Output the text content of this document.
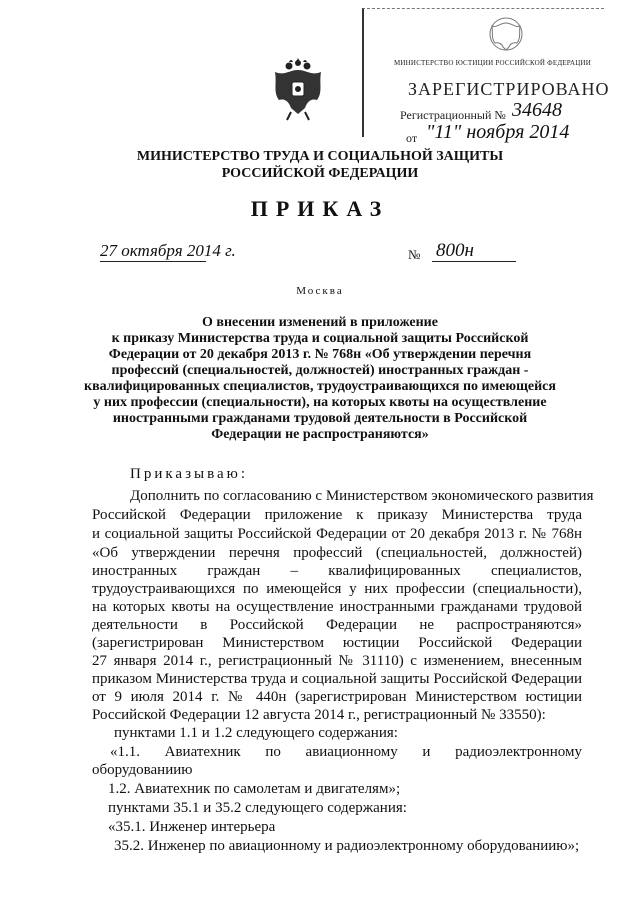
МИНИСТЕРСТВО ЮСТИЦИИ РОССИЙСКОЙ ФЕДЕРАЦИИ
ЗАРЕГИСТРИРОВАНО
Регистрационный № 34648
от "11" ноября 2014
МИНИСТЕРСТВО ТРУДА И СОЦИАЛЬНОЙ ЗАЩИТЫ
РОССИЙСКОЙ ФЕДЕРАЦИИ
ПРИКАЗ
27 октября 2014 г.	№ 800н
Москва
О внесении изменений в приложение
к приказу Министерства труда и социальной защиты Российской
Федерации от 20 декабря 2013 г. № 768н «Об утверждении перечня
профессий (специальностей, должностей) иностранных граждан -
квалифицированных специалистов, трудоустраивающихся по имеющейся
у них профессии (специальности), на которых квоты на осуществление
иностранными гражданами трудовой деятельности в Российской
Федерации не распространяются»
Приказываю:
Дополнить по согласованию с Министерством экономического развития
Российской Федерации приложение к приказу Министерства труда
и социальной защиты Российской Федерации от 20 декабря 2013 г. № 768н
«Об утверждении перечня профессий (специальностей, должностей)
иностранных граждан – квалифицированных специалистов,
трудоустраивающихся по имеющейся у них профессии (специальности),
на которых квоты на осуществление иностранными гражданами трудовой
деятельности в Российской Федерации не распространяются»
(зарегистрирован Министерством юстиции Российской Федерации
27 января 2014 г., регистрационный № 31110) с изменением, внесенным
приказом Министерства труда и социальной защиты Российской Федерации
от 9 июля 2014 г. № 440н (зарегистрирован Министерством юстиции
Российской Федерации 12 августа 2014 г., регистрационный № 33550):
пунктами 1.1 и 1.2 следующего содержания:
«1.1. Авиатехник по авиационному и радиоэлектронному
оборудованиию
1.2. Авиатехник по самолетам и двигателям»;
пунктами 35.1 и 35.2 следующего содержания:
«35.1. Инженер интерьера
35.2. Инженер по авиационному и радиоэлектронному оборудованиию»;
